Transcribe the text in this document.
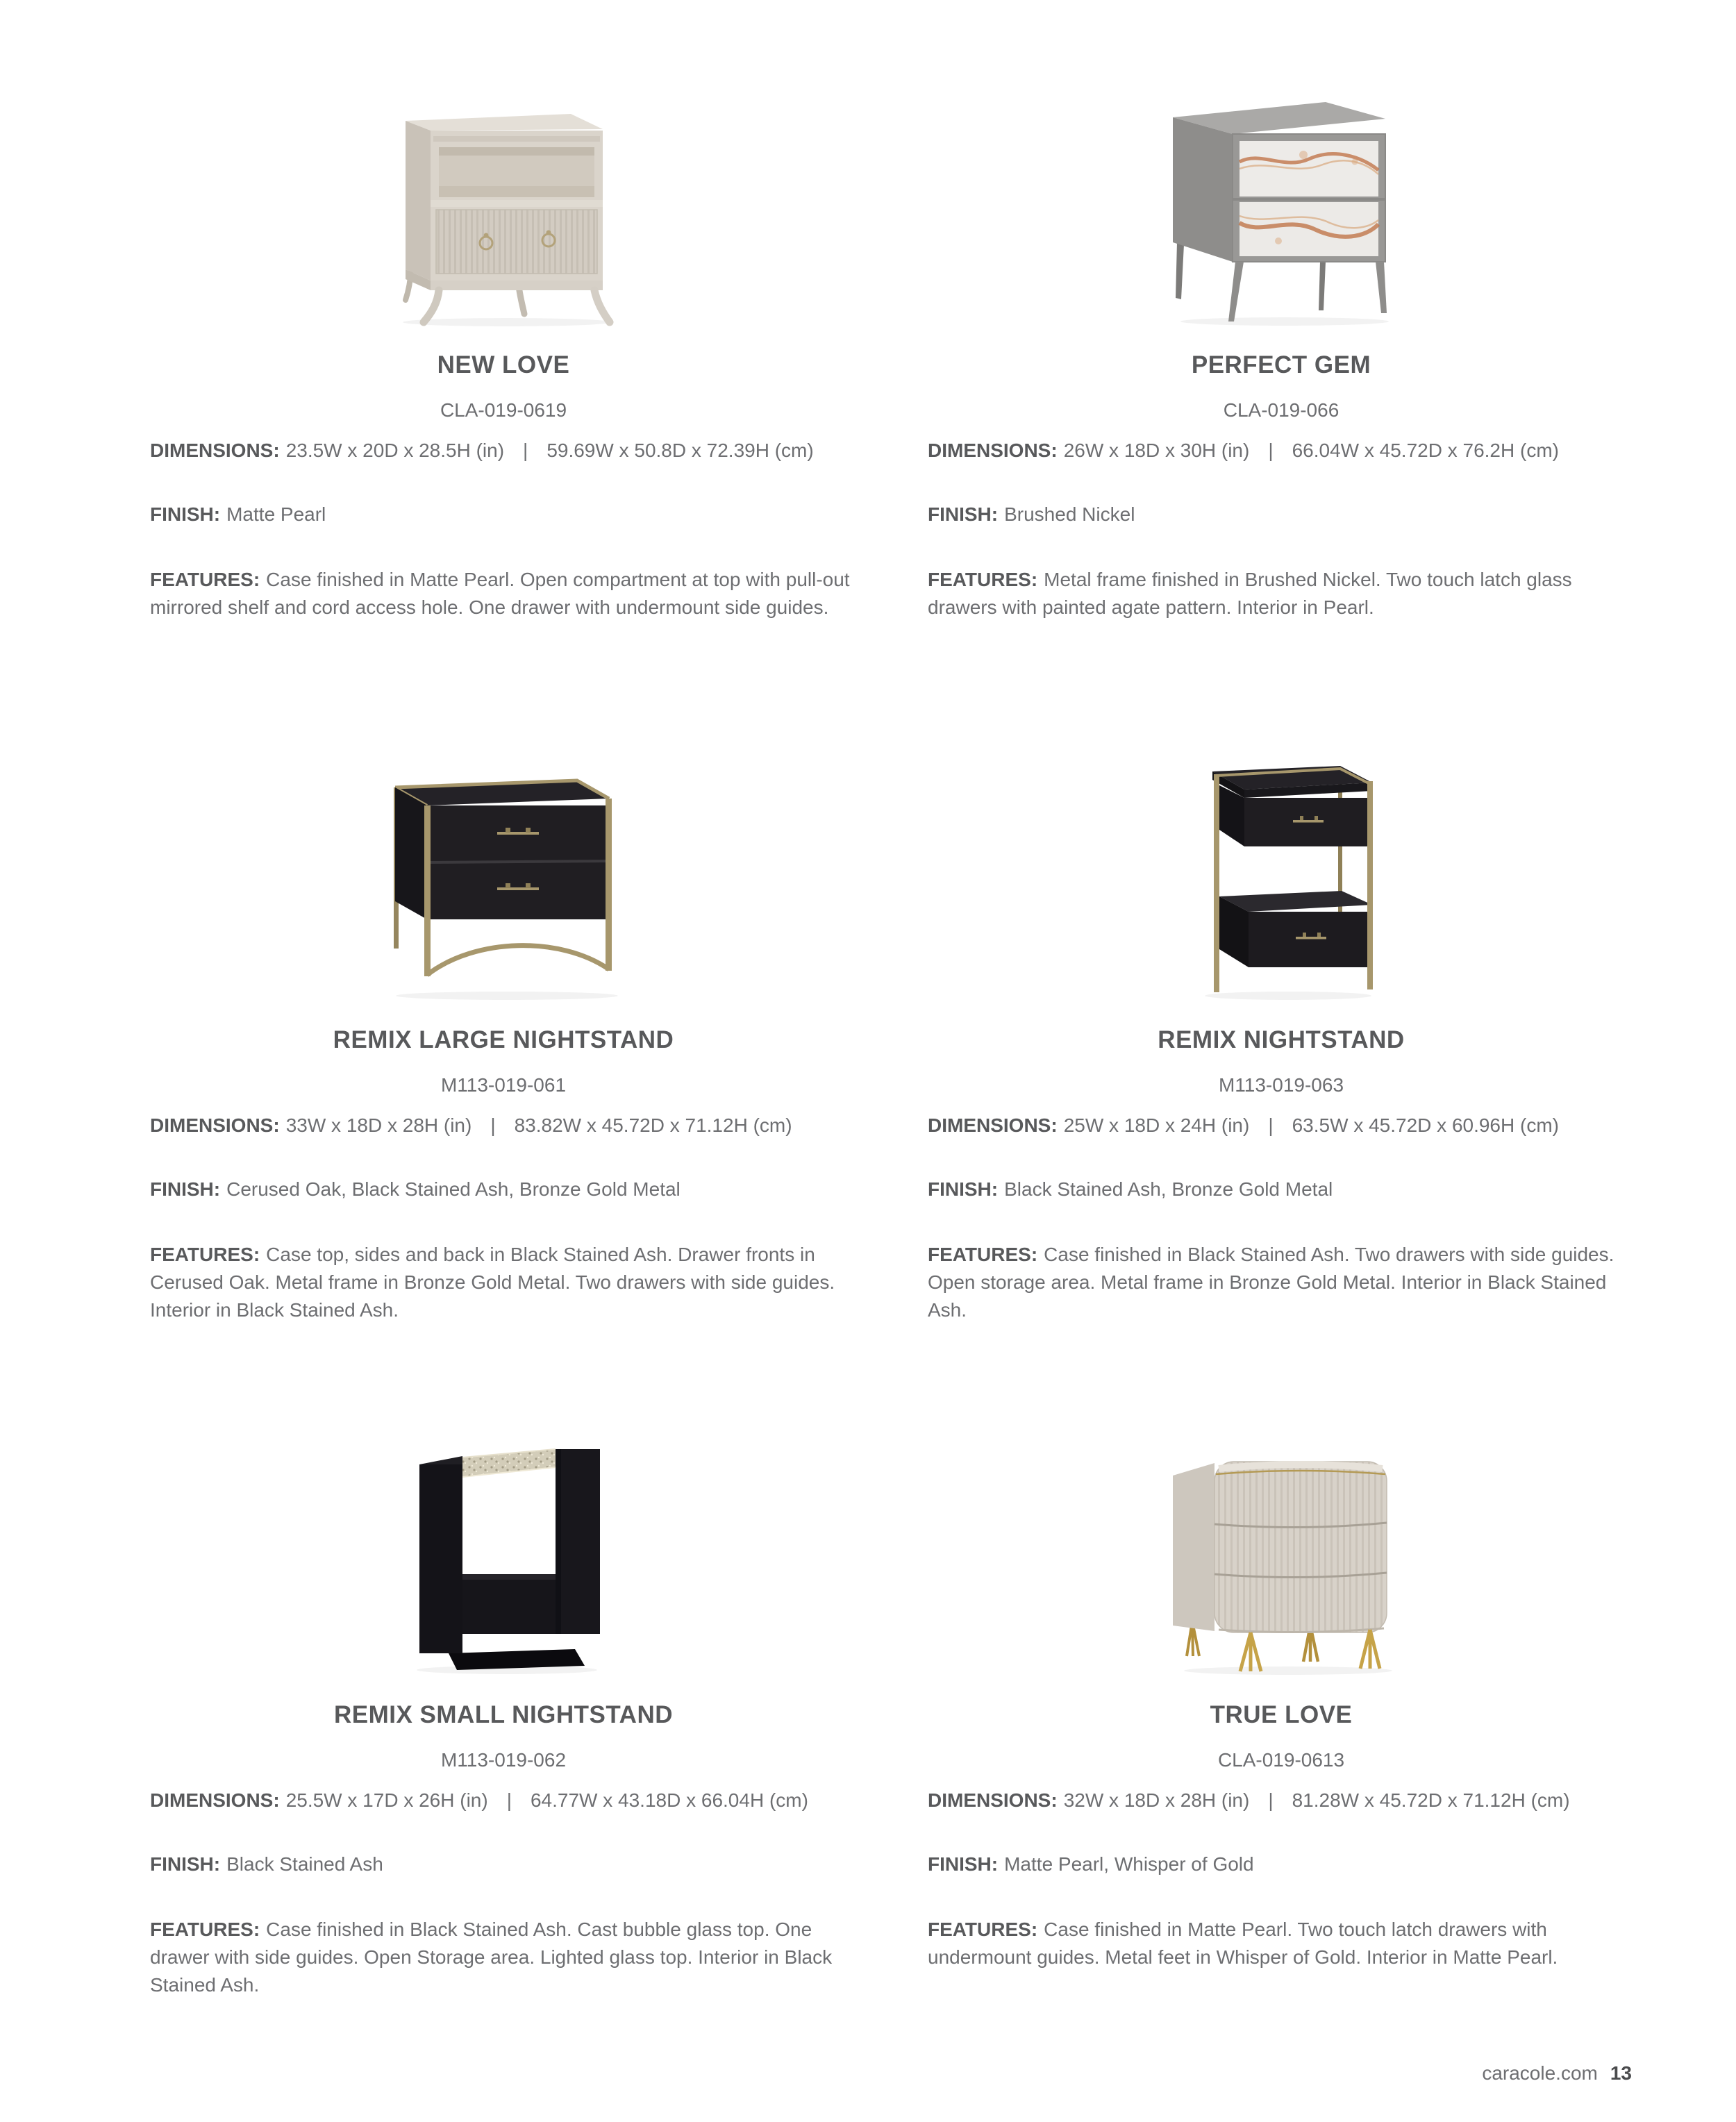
NEW LOVE
CLA-019-0619

DIMENSIONS: 23.5W x 20D x 28.5H (in) | 59.69W x 50.8D x 72.39H (cm)

FINISH: Matte Pearl

FEATURES: Case finished in Matte Pearl. Open compartment at top with pull-out mirrored shelf and cord access hole. One drawer with undermount side guides.

PERFECT GEM
CLA-019-066

DIMENSIONS: 26W x 18D x 30H (in) | 66.04W x 45.72D x 76.2H (cm)

FINISH: Brushed Nickel

FEATURES: Metal frame finished in Brushed Nickel. Two touch latch glass drawers with painted agate pattern. Interior in Pearl.

REMIX LARGE NIGHTSTAND
M113-019-061

DIMENSIONS: 33W x 18D x 28H (in) | 83.82W x 45.72D x 71.12H (cm)

FINISH: Cerused Oak, Black Stained Ash, Bronze Gold Metal

FEATURES: Case top, sides and back in Black Stained Ash. Drawer fronts in Cerused Oak. Metal frame in Bronze Gold Metal. Two drawers with side guides. Interior in Black Stained Ash.

REMIX NIGHTSTAND
M113-019-063

DIMENSIONS: 25W x 18D x 24H (in) | 63.5W x 45.72D x 60.96H (cm)

FINISH: Black Stained Ash, Bronze Gold Metal

FEATURES: Case finished in Black Stained Ash. Two drawers with side guides. Open storage area. Metal frame in Bronze Gold Metal. Interior in Black Stained Ash.

REMIX SMALL NIGHTSTAND
M113-019-062

DIMENSIONS: 25.5W x 17D x 26H (in) | 64.77W x 43.18D x 66.04H (cm)

FINISH: Black Stained Ash

FEATURES: Case finished in Black Stained Ash. Cast bubble glass top. One drawer with side guides. Open Storage area. Lighted glass top. Interior in Black Stained Ash.

TRUE LOVE
CLA-019-0613

DIMENSIONS: 32W x 18D x 28H (in) | 81.28W x 45.72D x 71.12H (cm)

FINISH: Matte Pearl, Whisper of Gold

FEATURES: Case finished in Matte Pearl. Two touch latch drawers with undermount guides. Metal feet in Whisper of Gold. Interior in Matte Pearl.

caracole.com 13
